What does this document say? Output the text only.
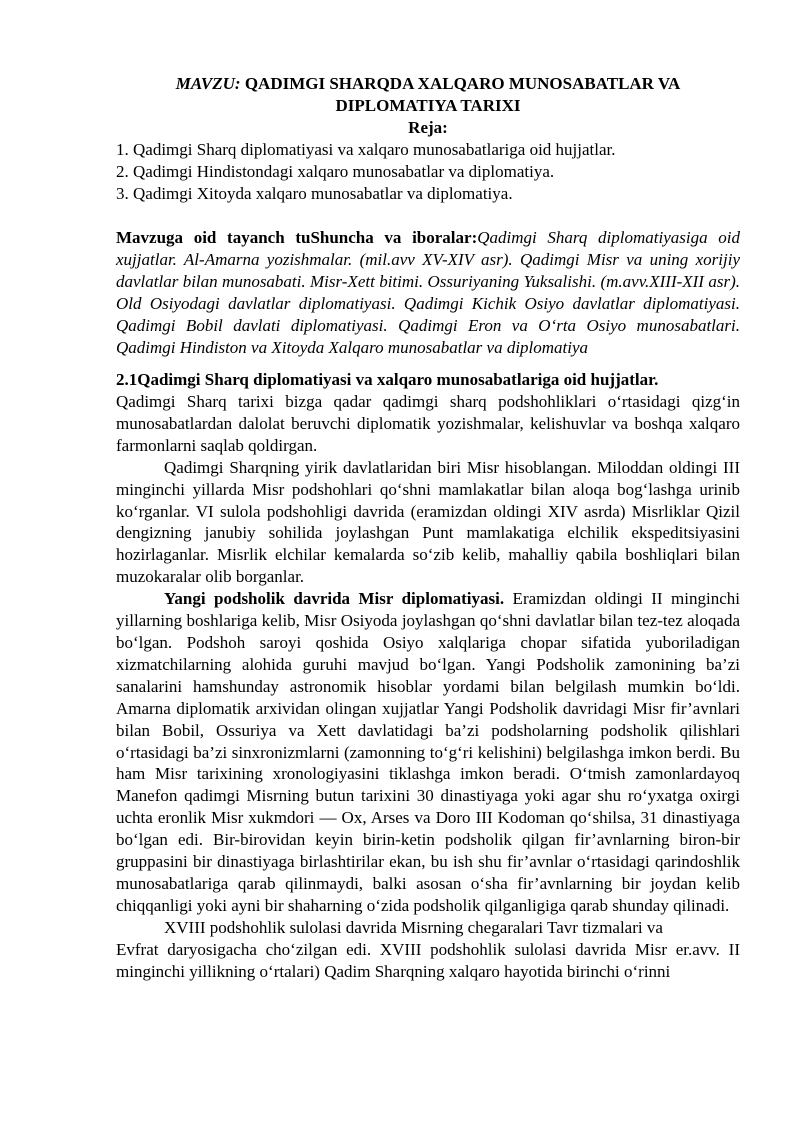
MAVZU: QADIMGI SHARQDA XALQARO MUNOSABATLAR VA DIPLOMATIYA TARIXI
Reja:
1. Qadimgi Sharq diplomatiyasi va xalqaro munosabatlariga oid hujjatlar.
2. Qadimgi Hindistondagi xalqaro munosabatlar va diplomatiya.
3. Qadimgi Xitoyda xalqaro munosabatlar va diplomatiya.

Mavzuga oid tayanch tuShuncha va iboralar:Qadimgi Sharq diplomatiyasiga oid xujjatlar. Al-Amarna yozishmalar. (mil.avv XV-XIV asr). Qadimgi Misr va uning xorijiy davlatlar bilan munosabati. Misr-Xett bitimi. Ossuriyaning Yuksalishi. (m.avv.XIII-XII asr). Old Osiyodagi davlatlar diplomatiyasi. Qadimgi Kichik Osiyo davlatlar diplomatiyasi. Qadimgi Bobil davlati diplomatiyasi. Qadimgi Eron va O‘rta Osiyo munosabatlari. Qadimgi Hindiston va Xitoyda Xalqaro munosabatlar va diplomatiya

2.1Qadimgi Sharq diplomatiyasi va xalqaro munosabatlariga oid hujjatlar.

Qadimgi Sharq tarixi bizga qadar qadimgi sharq podshohliklari o‘rtasidagi qizg‘in munosabatlardan dalolat beruvchi diplomatik yozishmalar, kelishuvlar va boshqa xalqaro farmonlarni saqlab qoldirgan.

Qadimgi Sharqning yirik davlatlaridan biri Misr hisoblangan. Miloddan oldingi III minginchi yillarda Misr podshohlari qo‘shni mamlakatlar bilan aloqa bog‘lashga urinib ko‘rganlar. VI sulola podshohligi davrida (eramizdan oldingi XIV asrda) Misrliklar Qizil dengizning janubiy sohilida joylashgan Punt mamlakatiga elchilik ekspeditsiyasini hozirlaganlar. Misrlik elchilar kemalarda so‘zib kelib, mahalliy qabila boshliqlari bilan muzokaralar olib borganlar.

Yangi podsholik davrida Misr diplomatiyasi. Eramizdan oldingi II minginchi yillarning boshlariga kelib, Misr Osiyoda joylashgan qo‘shni davlatlar bilan tez-tez aloqada bo‘lgan. Podshoh saroyi qoshida Osiyo xalqlariga chopar sifatida yuboriladigan xizmatchilarning alohida guruhi mavjud bo‘lgan. Yangi Podsholik zamonining ba’zi sanalarini hamshunday astronomik hisoblar yordami bilan belgilash mumkin bo‘ldi. Amarna diplomatik arxividan olingan xujjatlar Yangi Podsholik davridagi Misr fir’avnlari bilan Bobil, Ossuriya va Xett davlatidagi ba’zi podsholarning podsholik qilishlari o‘rtasidagi ba’zi sinxronizmlarni (zamonning to‘g‘ri kelishini) belgilashga imkon berdi. Bu ham Misr tarixining xronologiyasini tiklashga imkon beradi. O‘tmish zamonlardayoq Manefon qadimgi Misrning butun tarixini 30 dinastiyaga yoki agar shu ro‘yxatga oxirgi uchta eronlik Misr xukmdori — Ox, Arses va Doro III Kodoman qo‘shilsa, 31 dinastiyaga bo‘lgan edi. Bir-birovidan keyin birin-ketin podsholik qilgan fir’avnlarning biron-bir gruppasini bir dinastiyaga birlashtirilar ekan, bu ish shu fir’avnlar o‘rtasidagi qarindoshlik munosabatlariga qarab qilinmaydi, balki asosan o‘sha fir’avnlarning bir joydan kelib chiqqanligi yoki ayni bir shaharning o‘zida podsholik qilganligiga qarab shunday qilinadi.

XVIII podshohlik sulolasi davrida Misrning chegaralari Tavr tizmalari va

Evfrat daryosigacha cho‘zilgan edi. XVIII podshohlik sulolasi davrida Misr er.avv. II minginchi yillikning o‘rtalari) Qadim Sharqning xalqaro hayotida birinchi o‘rinni
